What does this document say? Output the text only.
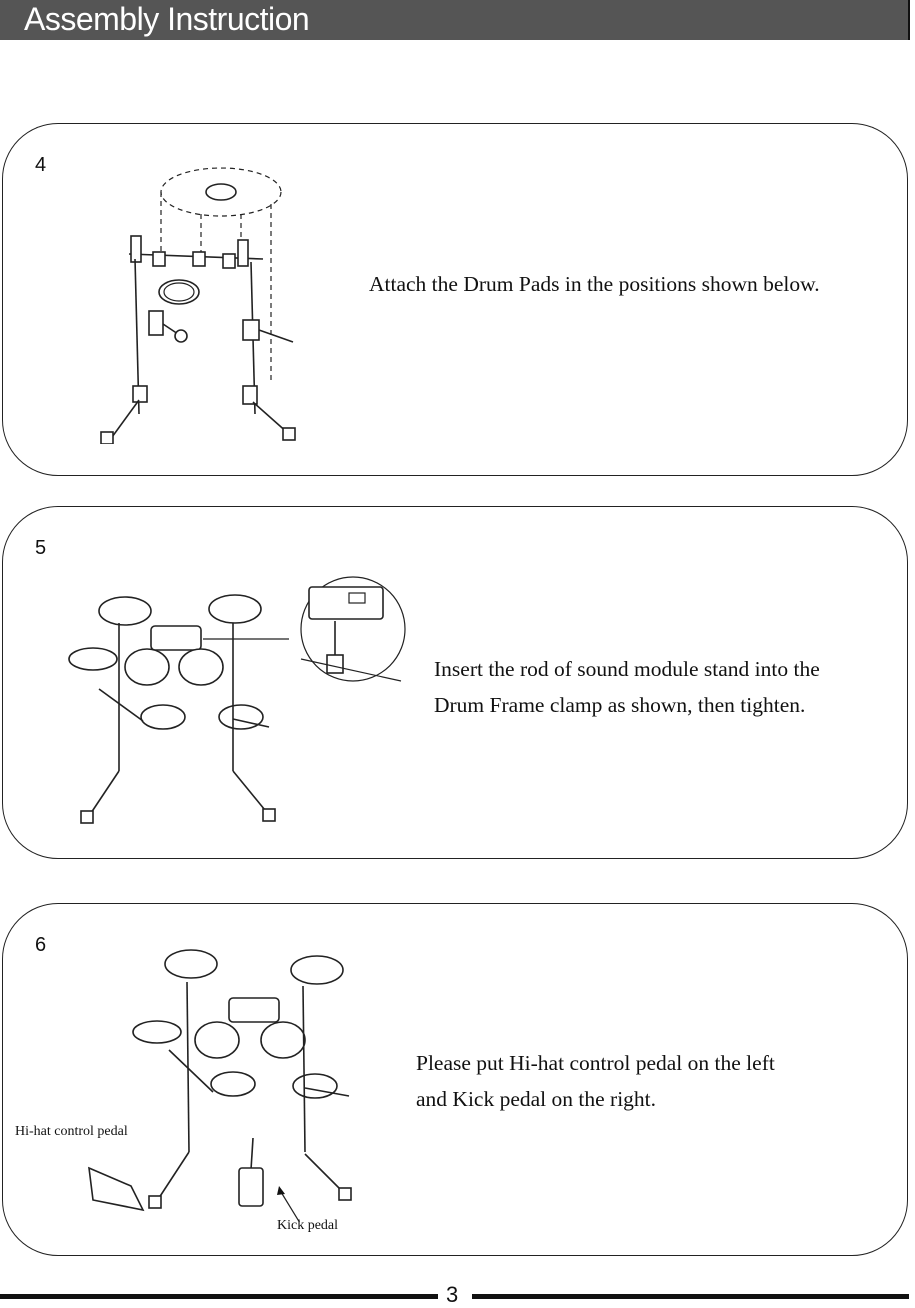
Assembly Instruction
4
Attach the Drum Pads in the positions shown below.
5
Insert the rod of sound module stand into the
Drum Frame clamp as shown, then tighten.
6
Please put Hi-hat control pedal on the left
and Kick pedal on the right.
Hi-hat control pedal
Kick pedal
3
